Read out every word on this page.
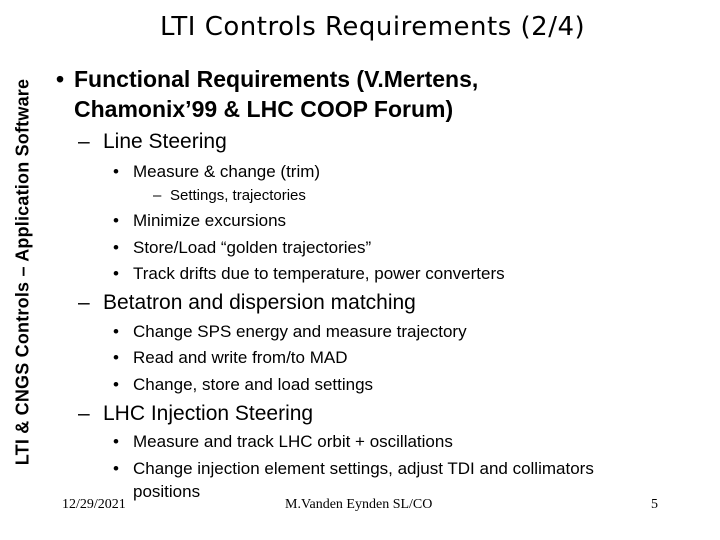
LTI & CNGS Controls – Application Software
LTI Controls Requirements (2/4)
• Functional Requirements (V.Mertens,
Chamonix’99 & LHC COOP Forum)
– Line Steering
• Measure & change (trim)
– Settings, trajectories
• Minimize excursions
• Store/Load “golden trajectories”
• Track drifts due to temperature, power converters
– Betatron and dispersion matching
• Change SPS energy and measure trajectory
• Read and write from/to MAD
• Change, store and load settings
– LHC Injection Steering
• Measure and track LHC orbit + oscillations
• Change injection element settings, adjust TDI and collimators
positions
12/29/2021	M.Vanden Eynden SL/CO	5
